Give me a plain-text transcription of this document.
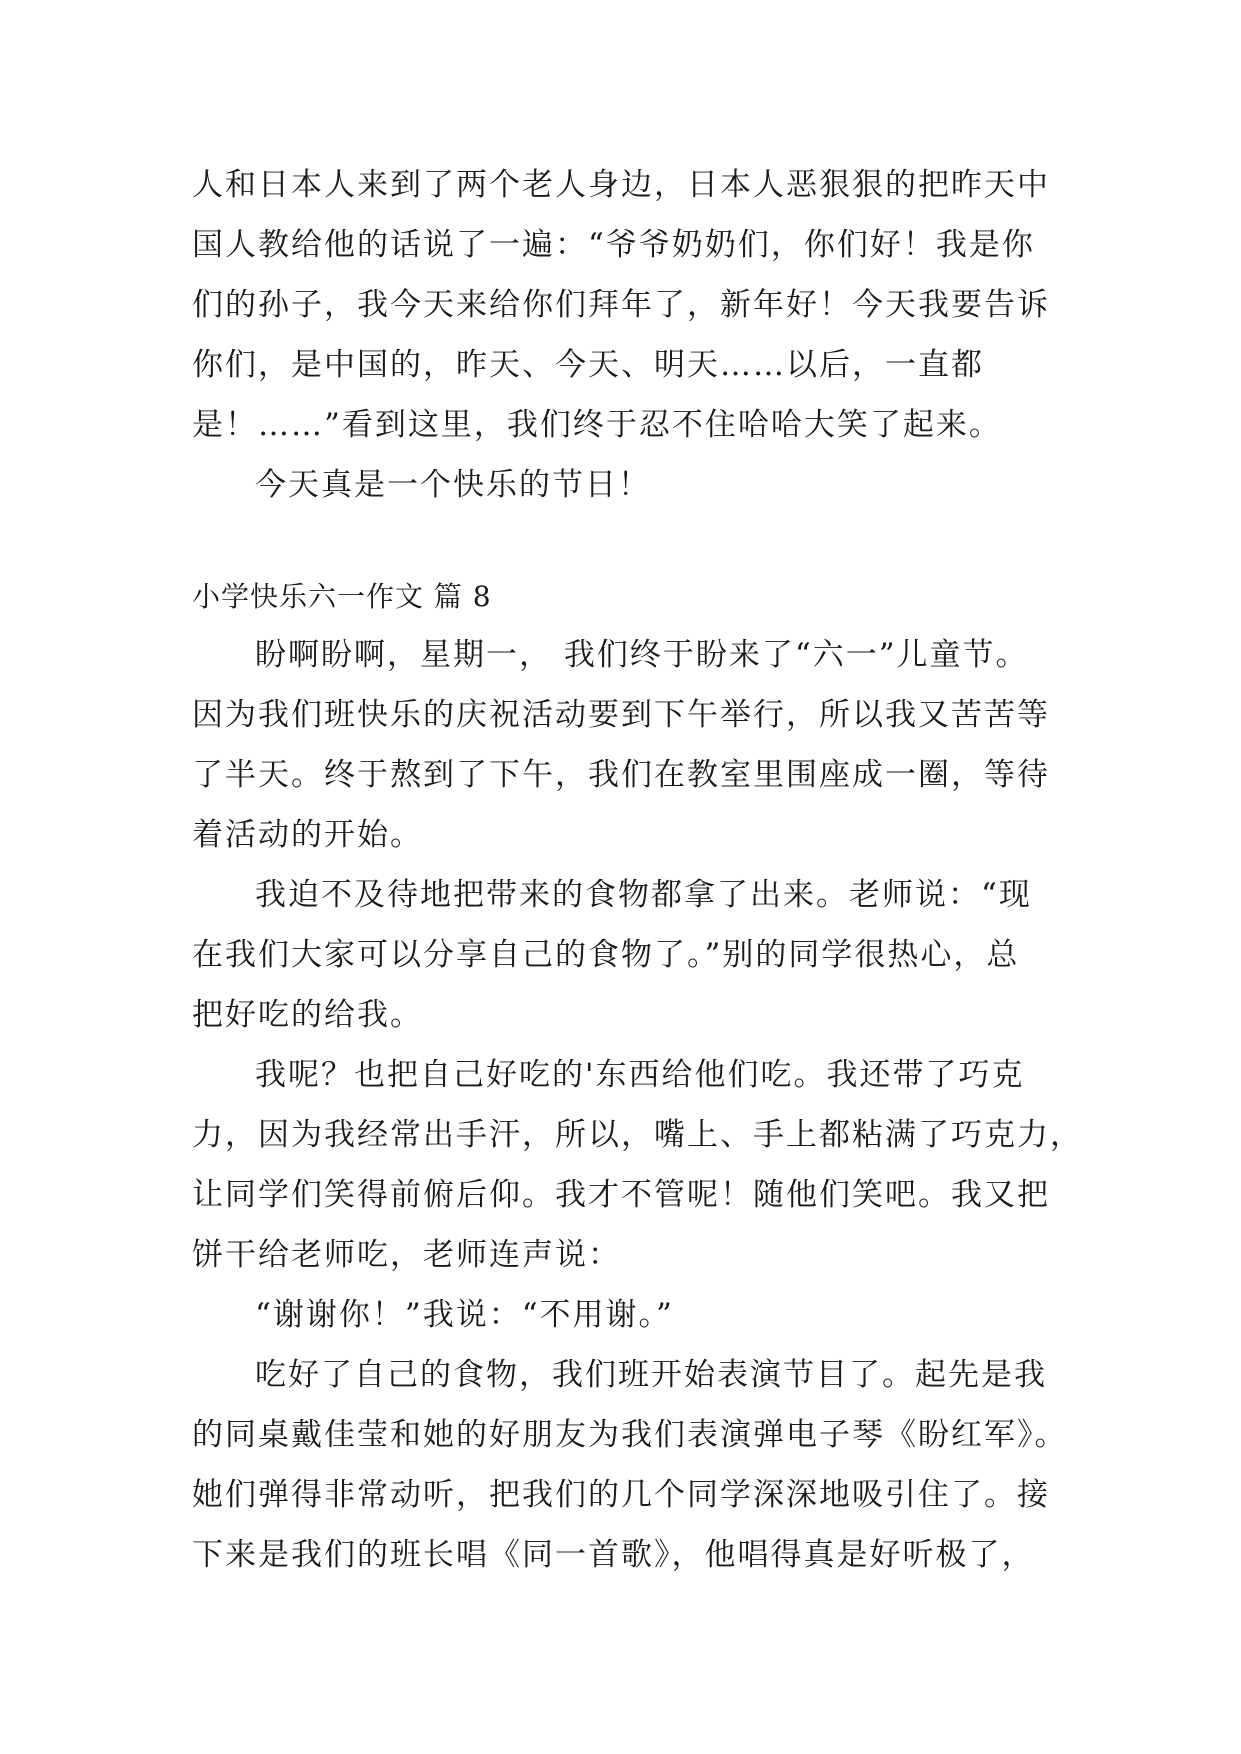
人和日本人来到了两个老人身边，日本人恶狠狠的把昨天中

国人教给他的话说了一遍：“爷爷奶奶们，你们好！我是你

们的孙子，我今天来给你们拜年了，新年好！今天我要告诉

你们，是中国的，昨天、今天、明天……以后，一直都

是！……”看到这里，我们终于忍不住哈哈大笑了起来。

今天真是一个快乐的节日！

小学快乐六一作文 篇 8

盼啊盼啊，星期一， 我们终于盼来了“六一”儿童节。

因为我们班快乐的庆祝活动要到下午举行，所以我又苦苦等

了半天。终于熬到了下午，我们在教室里围座成一圈，等待

着活动的开始。

我迫不及待地把带来的食物都拿了出来。老师说：“现

在我们大家可以分享自己的食物了。”别的同学很热心，总

把好吃的给我。

我呢？也把自己好吃的'东西给他们吃。我还带了巧克

力，因为我经常出手汗，所以，嘴上、手上都粘满了巧克力，

让同学们笑得前俯后仰。我才不管呢！随他们笑吧。我又把

饼干给老师吃，老师连声说：

“谢谢你！”我说：“不用谢。”

吃好了自己的食物，我们班开始表演节目了。起先是我

的同桌戴佳莹和她的好朋友为我们表演弹电子琴《盼红军》。

她们弹得非常动听，把我们的几个同学深深地吸引住了。接

下来是我们的班长唱《同一首歌》，他唱得真是好听极了，
